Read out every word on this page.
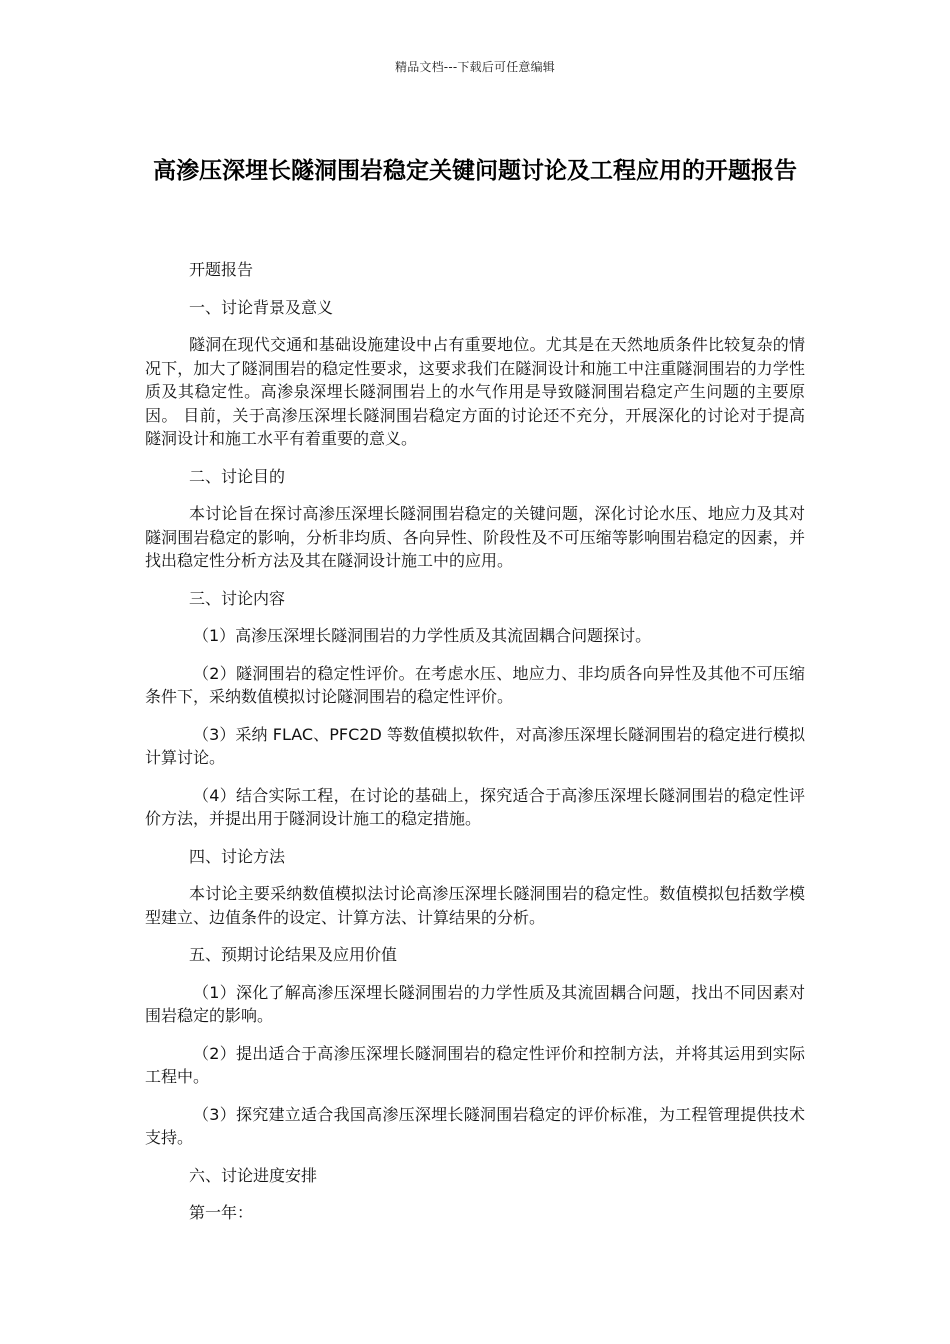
精品文档---下载后可任意编辑
高渗压深埋长隧洞围岩稳定关键问题讨论及工程应用的开题报告

开题报告

一、讨论背景及意义

隧洞在现代交通和基础设施建设中占有重要地位。尤其是在天然地质条件比较复杂的情况下，加大了隧洞围岩的稳定性要求，这要求我们在隧洞设计和施工中注重隧洞围岩的力学性质及其稳定性。高渗泉深埋长隧洞围岩上的水气作用是导致隧洞围岩稳定产生问题的主要原因。 目前，关于高渗压深埋长隧洞围岩稳定方面的讨论还不充分，开展深化的讨论对于提高隧洞设计和施工水平有着重要的意义。

二、讨论目的

本讨论旨在探讨高渗压深埋长隧洞围岩稳定的关键问题，深化讨论水压、地应力及其对隧洞围岩稳定的影响，分析非均质、各向异性、阶段性及不可压缩等影响围岩稳定的因素，并找出稳定性分析方法及其在隧洞设计施工中的应用。

三、讨论内容

（1）高渗压深埋长隧洞围岩的力学性质及其流固耦合问题探讨。

（2）隧洞围岩的稳定性评价。在考虑水压、地应力、非均质各向异性及其他不可压缩条件下，采纳数值模拟讨论隧洞围岩的稳定性评价。

（3）采纳 FLAC、PFC2D 等数值模拟软件，对高渗压深埋长隧洞围岩的稳定进行模拟计算讨论。

（4）结合实际工程，在讨论的基础上，探究适合于高渗压深埋长隧洞围岩的稳定性评价方法，并提出用于隧洞设计施工的稳定措施。

四、讨论方法

本讨论主要采纳数值模拟法讨论高渗压深埋长隧洞围岩的稳定性。数值模拟包括数学模型建立、边值条件的设定、计算方法、计算结果的分析。

五、预期讨论结果及应用价值

（1）深化了解高渗压深埋长隧洞围岩的力学性质及其流固耦合问题，找出不同因素对围岩稳定的影响。

（2）提出适合于高渗压深埋长隧洞围岩的稳定性评价和控制方法，并将其运用到实际工程中。

（3）探究建立适合我国高渗压深埋长隧洞围岩稳定的评价标准，为工程管理提供技术支持。

六、讨论进度安排

第一年：
